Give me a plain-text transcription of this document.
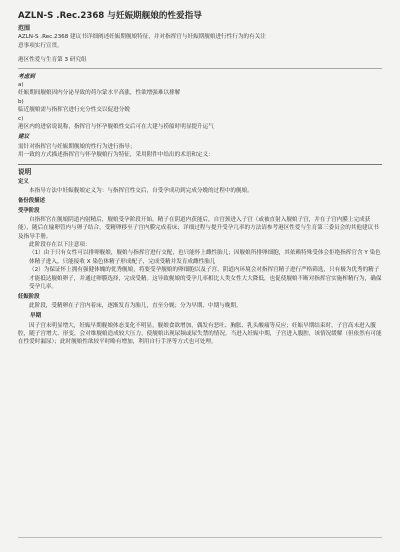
AZLN-S .Rec.2368 与妊娠期舰娘的性爱指导
范围

AZLN-S .Rec.2368 建议书详细阐述妊娠期舰娘特征，并对指挥官与妊娠期舰娘进行性行为的有关注

意事项实行宣贯。

港区性爱与生育第 3 研究组
考虑到
a)
妊娠期间舰娘因内分泌导致的荷尔蒙水平高涨，性欲增强难以排解
b)
临近舰娘需与指挥官进行充分性交以促进分娩
c)
港区内的进宿说说称，指挥官与怀孕舰娘性交后可在大建与捞船时明显提升运气
建议
需针对指挥官与妊娠期舰娘的性行为进行指导；
用一致的方式描述指挥官与怀孕舰娘行为特征，采用附件中给出的术语和定义：
说明
定义

本指导方法中妊娠舰娘定义为：与指挥官性交后，自受孕成功到完成分娩的过程中的舰娘。

备份段描述
受孕阶段

自指挥官在舰娘阴道内射精后，舰娘受孕阶段开始。精子在阴道内获能后，自宫颈进入子宫（或被直射入舰娘子宫，并在子宫内膜上完成获能），随后在输卵管内与卵子结合，受精卵移至子宫内膜完成着床；详细过程与提升受孕几率的方法请参考港区性爱与生育第三委员会的其他建议书及指导手册。

此阶段存在以下注意项：

（1）由于只有女性可以排卵舰娘，舰娘与指挥官进行交配，也只能怀上雌性胎儿；因舰娘所排卵细胞，其依赖特殊受体会拒绝指挥官含 Y 染色体精子进入，只能接收 X 染色体精子形成配子，完成受精并发育成雌性胎儿

（2）为保证怀上拥有强健体魄的优秀舰娘，将要受孕舰娘的卵细胞以及子宫、阴道内环境会对指挥官精子进行严格筛选，只有极为优秀的精子才能抵达舰娘卵子，并通过卵膜选择，完成受精。这导致舰娘的受孕几率相比人类女性大大降低，也促使舰娘不断对指挥官实施榨精行为，确保受孕几率。

妊娠阶段

此阶段，受精卵在子宫内着床，逐渐发育为胎儿，直至分娩；分为早期、中期与晚期。

早期

因子宫未明显增大，妊娠早期舰娘体态变化不明显，舰娘食欲增加，偶发有恶吐、胸胀、乳头酸痛等反应；妊娠早期结束时，子宫高未进入腹腔，随子宫增大、形变，会对维舰娘造成较大压力，使舰娘出现尿频或尿失禁的情况。当进入妊娠中期，子宫进入腹腔，该情况缓解（但依然有可能在性爱时漏尿）；此时舰娘性欲较平时略有增加，利用自行手淫等方式也可处理。
